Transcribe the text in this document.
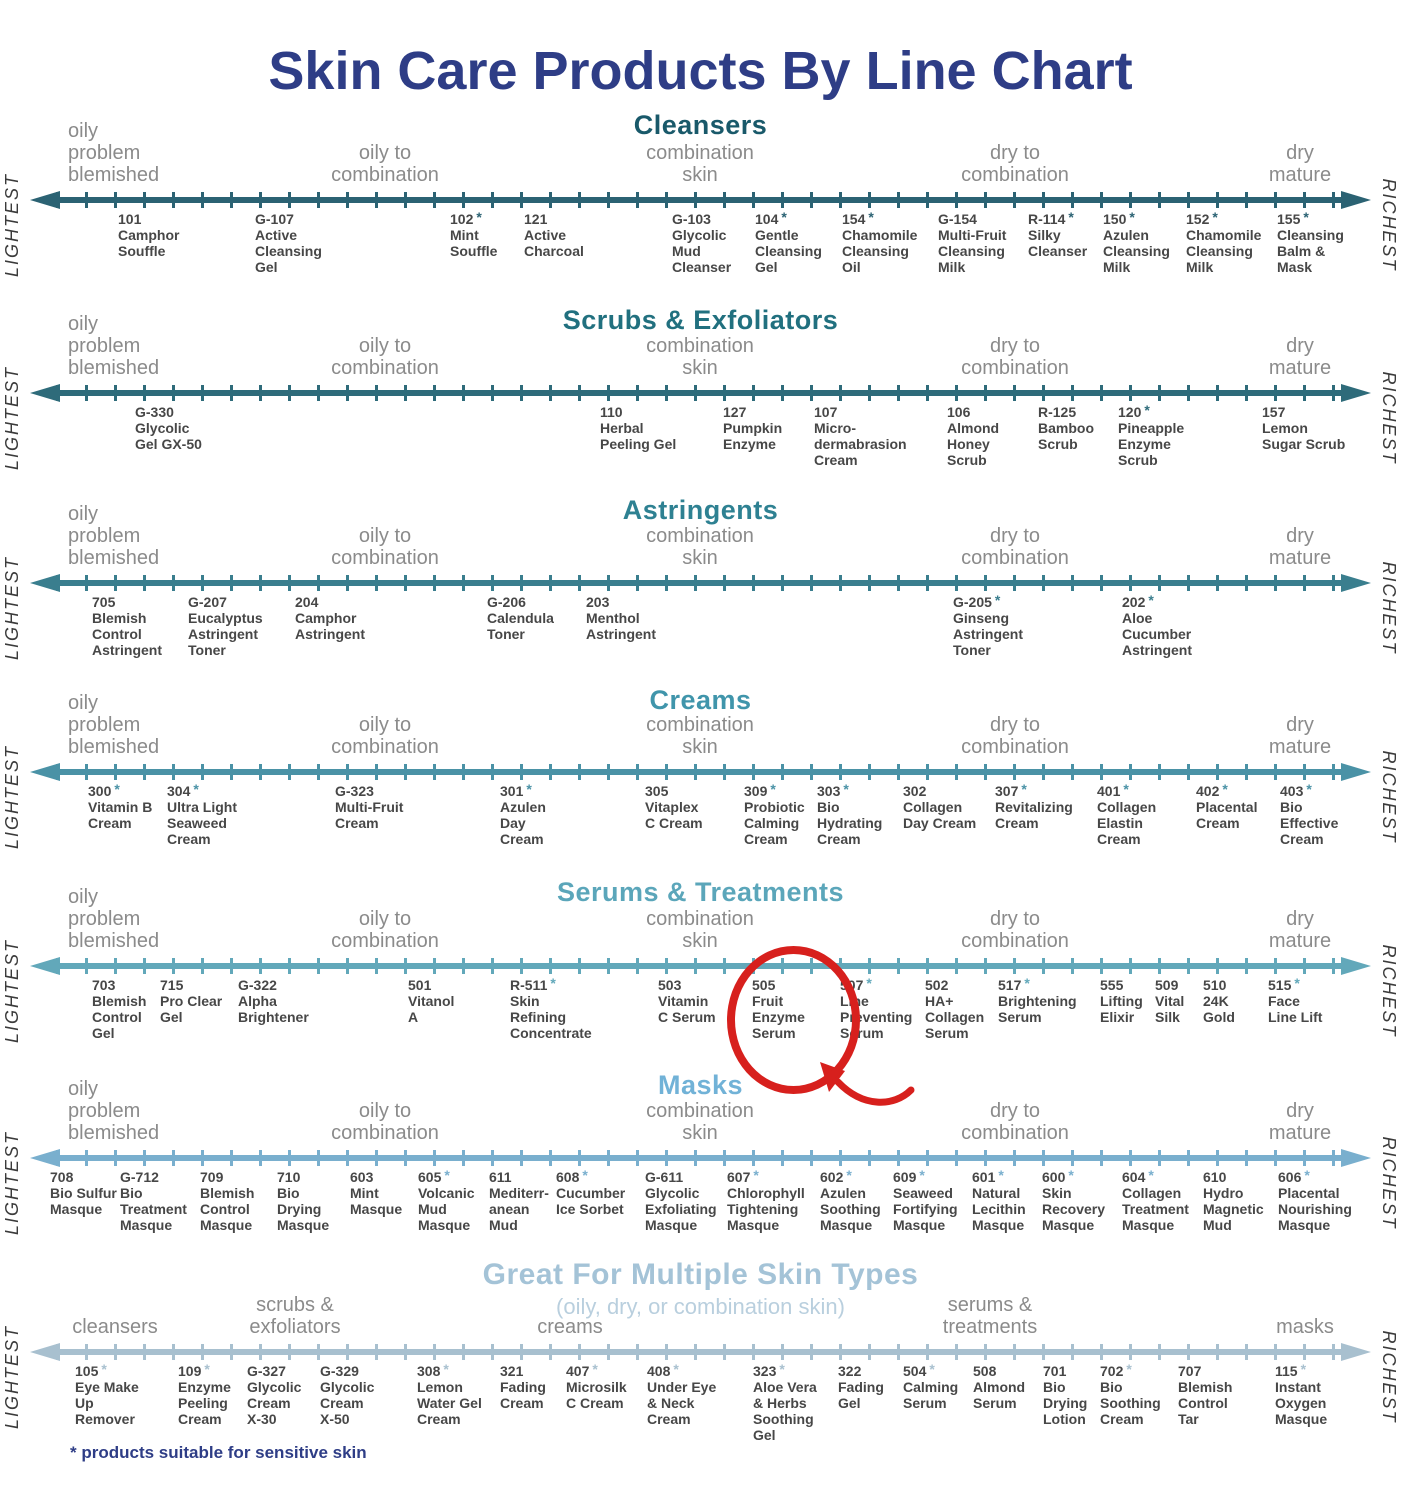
Skin Care Products By Line Chart
Cleansers
oily
problem
blemished
oily to
combination
combination
skin
dry to
combination
dry
mature
LIGHTEST	RICHEST
101
Camphor
Souffle
G-107
Active
Cleansing
Gel
102 *
Mint
Souffle
121
Active
Charcoal
G-103
Glycolic
Mud
Cleanser
104 *
Gentle
Cleansing
Gel
154 *
Chamomile
Cleansing
Oil
G-154
Multi-Fruit
Cleansing
Milk
R-114 *
Silky
Cleanser
150 *
Azulen
Cleansing
Milk
152 *
Chamomile
Cleansing
Milk
155 *
Cleansing
Balm &
Mask
Scrubs & Exfoliators
oily
problem
blemished
oily to
combination
combination
skin
dry to
combination
dry
mature
LIGHTEST	RICHEST
G-330
Glycolic
Gel GX-50
110
Herbal
Peeling Gel
127
Pumpkin
Enzyme
107
Micro-
dermabrasion
Cream
106
Almond
Honey
Scrub
R-125
Bamboo
Scrub
120 *
Pineapple
Enzyme
Scrub
157
Lemon
Sugar Scrub
Astringents
oily
problem
blemished
oily to
combination
combination
skin
dry to
combination
dry
mature
LIGHTEST	RICHEST
705
Blemish
Control
Astringent
G-207
Eucalyptus
Astringent
Toner
204
Camphor
Astringent
G-206
Calendula
Toner
203
Menthol
Astringent
G-205 *
Ginseng
Astringent
Toner
202 *
Aloe
Cucumber
Astringent
Creams
oily
problem
blemished
oily to
combination
combination
skin
dry to
combination
dry
mature
LIGHTEST	RICHEST
300 *
Vitamin B
Cream
304 *
Ultra Light
Seaweed
Cream
G-323
Multi-Fruit
Cream
301 *
Azulen
Day
Cream
305
Vitaplex
C Cream
309 *
Probiotic
Calming
Cream
303 *
Bio
Hydrating
Cream
302
Collagen
Day Cream
307 *
Revitalizing
Cream
401 *
Collagen
Elastin
Cream
402 *
Placental
Cream
403 *
Bio
Effective
Cream
Serums & Treatments
oily
problem
blemished
oily to
combination
combination
skin
dry to
combination
dry
mature
LIGHTEST	RICHEST
703
Blemish
Control
Gel
715
Pro Clear
Gel
G-322
Alpha
Brightener
501
Vitanol
A
R-511 *
Skin
Refining
Concentrate
503
Vitamin
C Serum
505
Fruit
Enzyme
Serum
507 *
Line
Preventing
Serum
502
HA+
Collagen
Serum
517 *
Brightening
Serum
555
Lifting
Elixir
509
Vital
Silk
510
24K
Gold
515 *
Face
Line Lift
Masks
oily
problem
blemished
oily to
combination
combination
skin
dry to
combination
dry
mature
LIGHTEST	RICHEST
708
Bio Sulfur
Masque
G-712
Bio
Treatment
Masque
709
Blemish
Control
Masque
710
Bio
Drying
Masque
603
Mint
Masque
605 *
Volcanic
Mud
Masque
611
Mediterr-
anean
Mud
608 *
Cucumber
Ice Sorbet
G-611
Glycolic
Exfoliating
Masque
607 *
Chlorophyll
Tightening
Masque
602 *
Azulen
Soothing
Masque
609 *
Seaweed
Fortifying
Masque
601 *
Natural
Lecithin
Masque
600 *
Skin
Recovery
Masque
604 *
Collagen
Treatment
Masque
610
Hydro
Magnetic
Mud
606 *
Placental
Nourishing
Masque
Great For Multiple Skin Types
(oily, dry, or combination skin)
cleansers
scrubs &
exfoliators	creams
serums &
treatments	masks
LIGHTEST	RICHEST
105 *
Eye Make
Up
Remover
109 *
Enzyme
Peeling
Cream
G-327
Glycolic
Cream
X-30
G-329
Glycolic
Cream
X-50
308 *
Lemon
Water Gel
Cream
321
Fading
Cream
407 *
Microsilk
C Cream
408 *
Under Eye
& Neck
Cream
323 *
Aloe Vera
& Herbs
Soothing
Gel
322
Fading
Gel
504 *
Calming
Serum
508
Almond
Serum
701
Bio
Drying
Lotion
702 *
Bio
Soothing
Cream
707
Blemish
Control
Tar
115 *
Instant
Oxygen
Masque
* products suitable for sensitive skin
